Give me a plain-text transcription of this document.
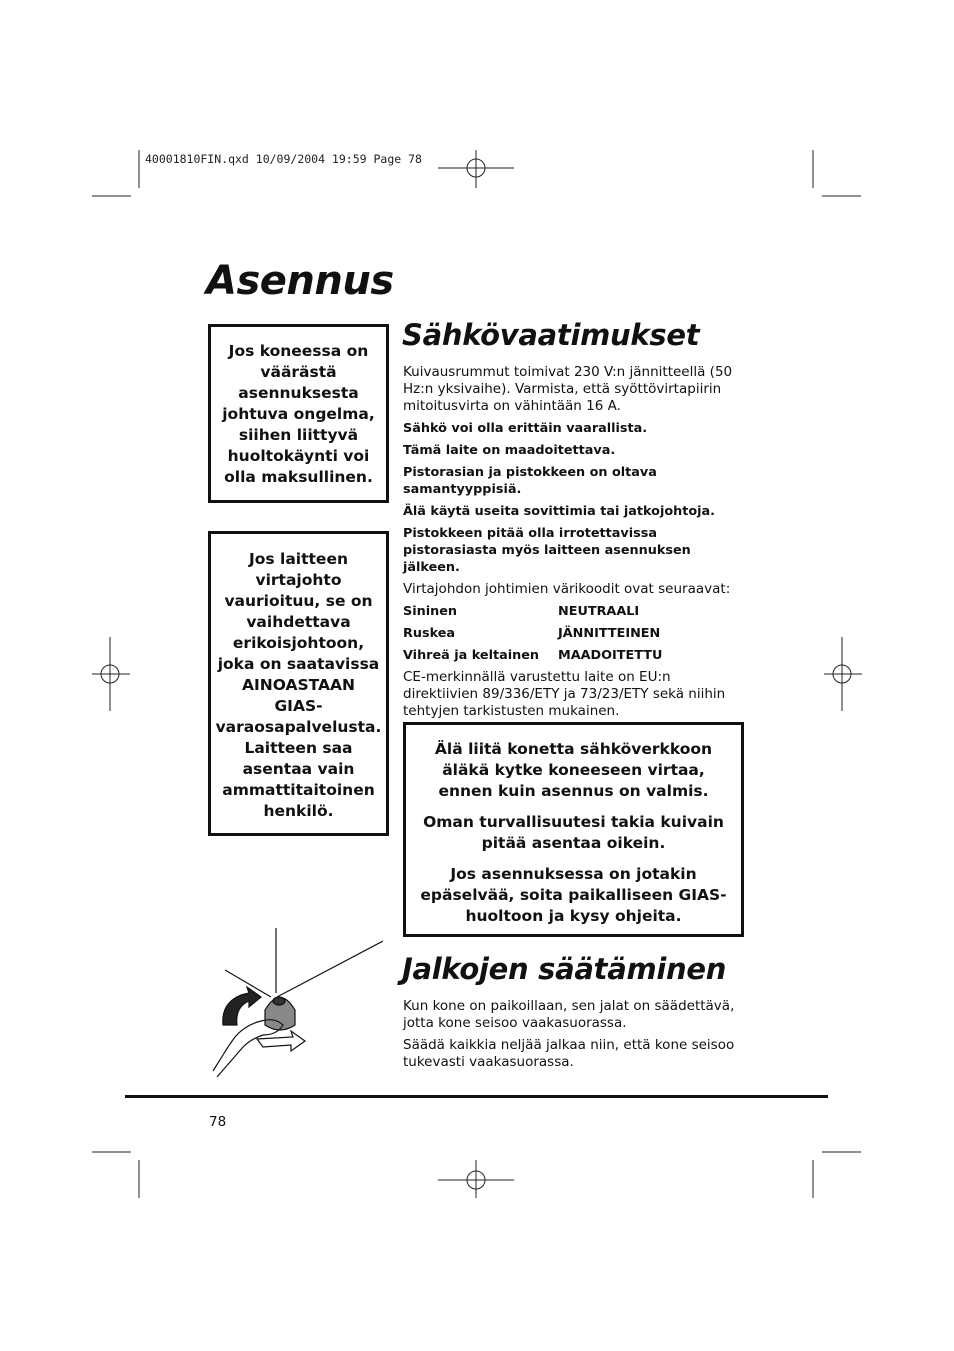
40001810FIN.qxd 10/09/2004 19:59 Page 78
Asennus

Jos koneessa on

väärästä

asennuksesta

johtuva ongelma,

siihen liittyvä

huoltokäynti voi

olla maksullinen.

Jos laitteen

virtajohto

vaurioituu, se on

vaihdettava

erikoisjohtoon,

joka on saatavissa

AINOASTAAN

GIAS-

varaosapalvelusta.

Laitteen saa

asentaa vain

ammattitaitoinen

henkilö.

Sähkövaatimukset

Kuivausrummut toimivat 230 V:n jännitteellä (50 Hz:n yksivaihe). Varmista, että syöttövirtapiirin mitoitusvirta on vähintään 16 A.

Sähkö voi olla erittäin vaarallista.

Tämä laite on maadoitettava.

Pistorasian ja pistokkeen on oltava samantyyppisiä.

Älä käytä useita sovittimia tai jatkojohtoja.

Pistokkeen pitää olla irrotettavissa pistorasiasta myös laitteen asennuksen jälkeen.

Virtajohdon johtimien värikoodit ovat seuraavat:

Sininen	NEUTRAALI
Ruskea	JÄNNITTEINEN
Vihreä ja keltainen	MAADOITETTU

CE-merkinnällä varustettu laite on EU:n direktiivien 89/336/ETY ja 73/23/ETY sekä niihin tehtyjen tarkistusten mukainen.

Älä liitä konetta sähköverkkoon äläkä kytke koneeseen virtaa, ennen kuin asennus on valmis.

Oman turvallisuutesi takia kuivain pitää asentaa oikein.

Jos asennuksessa on jotakin epäselvää, soita paikalliseen GIAS-huoltoon ja kysy ohjeita.

Jalkojen säätäminen

Kun kone on paikoillaan, sen jalat on säädettävä, jotta kone seisoo vaakasuorassa.

Säädä kaikkia neljää jalkaa niin, että kone seisoo tukevasti vaakasuorassa.

78
